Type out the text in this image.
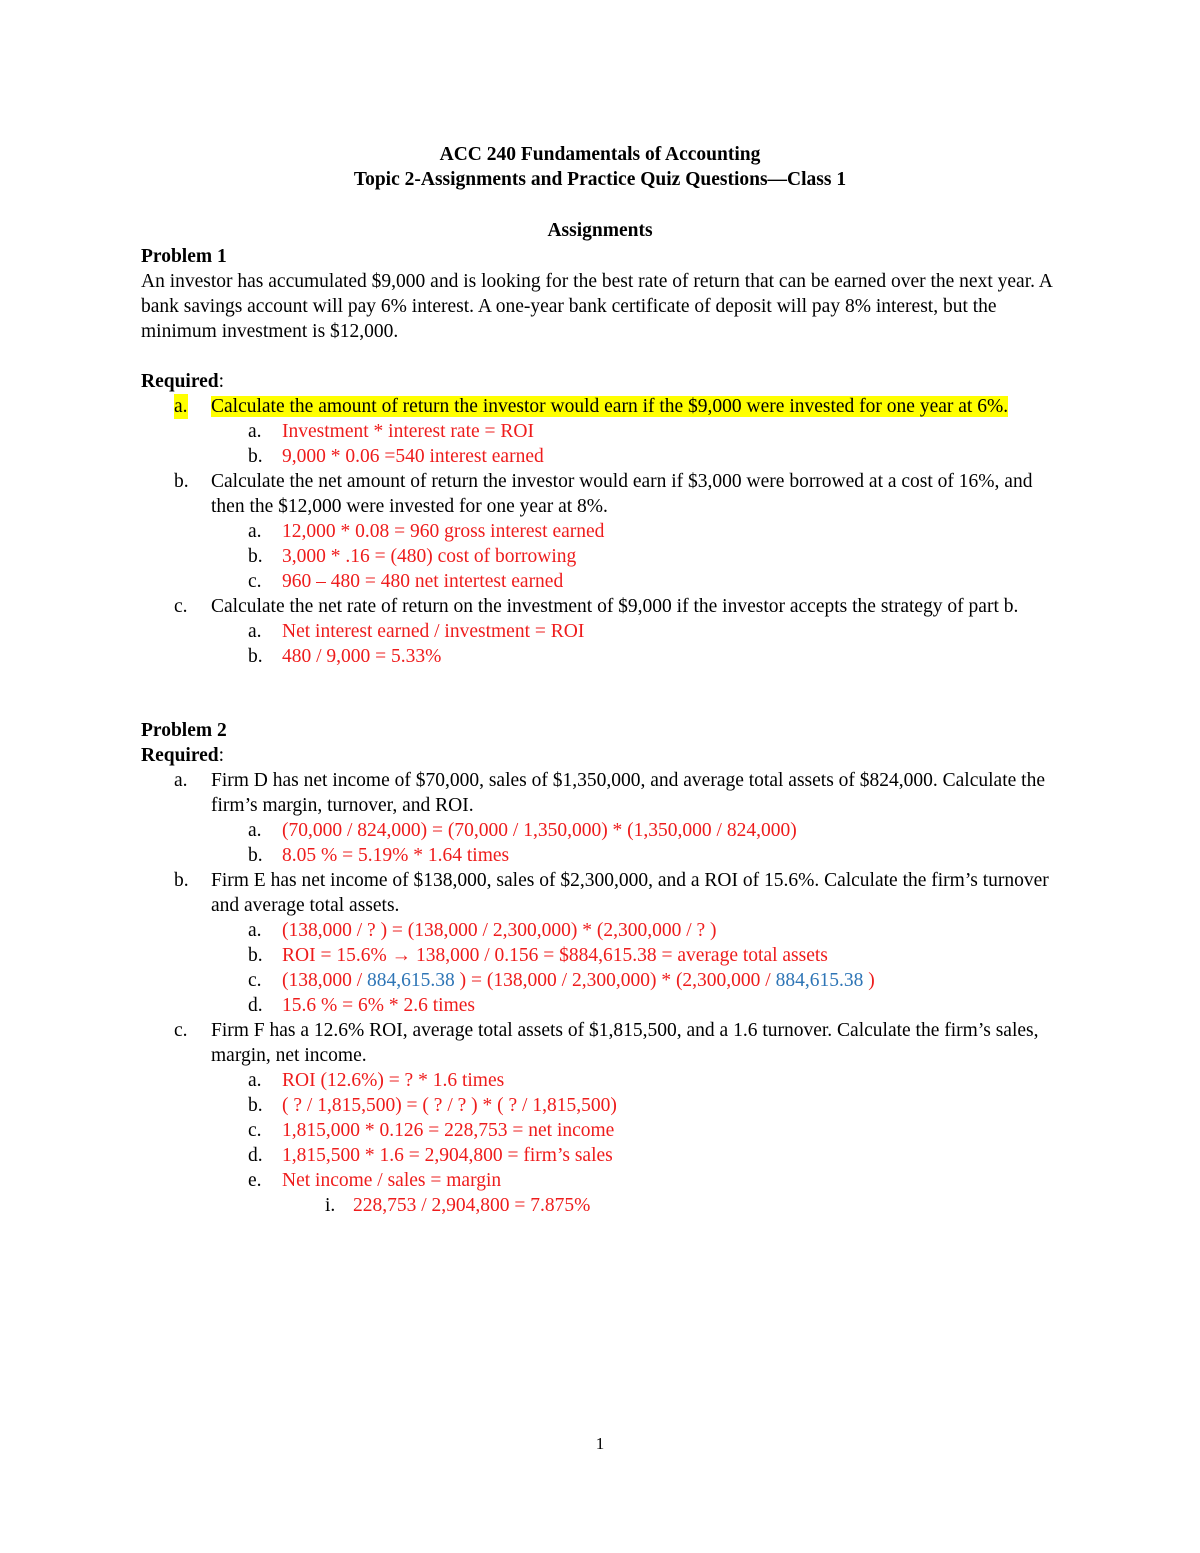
ACC 240 Fundamentals of Accounting
Topic 2-Assignments and Practice Quiz Questions—Class 1
Assignments

Problem 1

An investor has accumulated $9,000 and is looking for the best rate of return that can be earned over the next year. A bank savings account will pay 6% interest. A one-year bank certificate of deposit will pay 8% interest, but the minimum investment is $12,000.

Required:

a. Calculate the amount of return the investor would earn if the $9,000 were invested for one year at 6%.
a. Investment * interest rate = ROI
b. 9,000 * 0.06 =540 interest earned
b. Calculate the net amount of return the investor would earn if $3,000 were borrowed at a cost of 16%, and then the $12,000 were invested for one year at 8%.
a. 12,000 * 0.08 = 960 gross interest earned
b. 3,000 * .16 = (480) cost of borrowing
c. 960 – 480 = 480 net intertest earned
c. Calculate the net rate of return on the investment of $9,000 if the investor accepts the strategy of part b.
a. Net interest earned / investment = ROI
b. 480 / 9,000 = 5.33%

Problem 2

Required:

a. Firm D has net income of $70,000, sales of $1,350,000, and average total assets of $824,000. Calculate the firm’s margin, turnover, and ROI.
a. (70,000 / 824,000) = (70,000 / 1,350,000) * (1,350,000 / 824,000)
b. 8.05 % = 5.19% * 1.64 times
b. Firm E has net income of $138,000, sales of $2,300,000, and a ROI of 15.6%. Calculate the firm’s turnover and average total assets.
a. (138,000 / ? ) = (138,000 / 2,300,000) * (2,300,000 / ? )
b. ROI = 15.6% → 138,000 / 0.156 = $884,615.38 = average total assets
c. (138,000 / 884,615.38 ) = (138,000 / 2,300,000) * (2,300,000 / 884,615.38 )
d. 15.6 % = 6% * 2.6 times
c. Firm F has a 12.6% ROI, average total assets of $1,815,500, and a 1.6 turnover. Calculate the firm’s sales, margin, net income.
a. ROI (12.6%) = ? * 1.6 times
b. ( ? / 1,815,500) = ( ? / ? ) * ( ? / 1,815,500)
c. 1,815,000 * 0.126 = 228,753 = net income
d. 1,815,500 * 1.6 = 2,904,800 = firm’s sales
e. Net income / sales = margin
i. 228,753 / 2,904,800 = 7.875%
1
